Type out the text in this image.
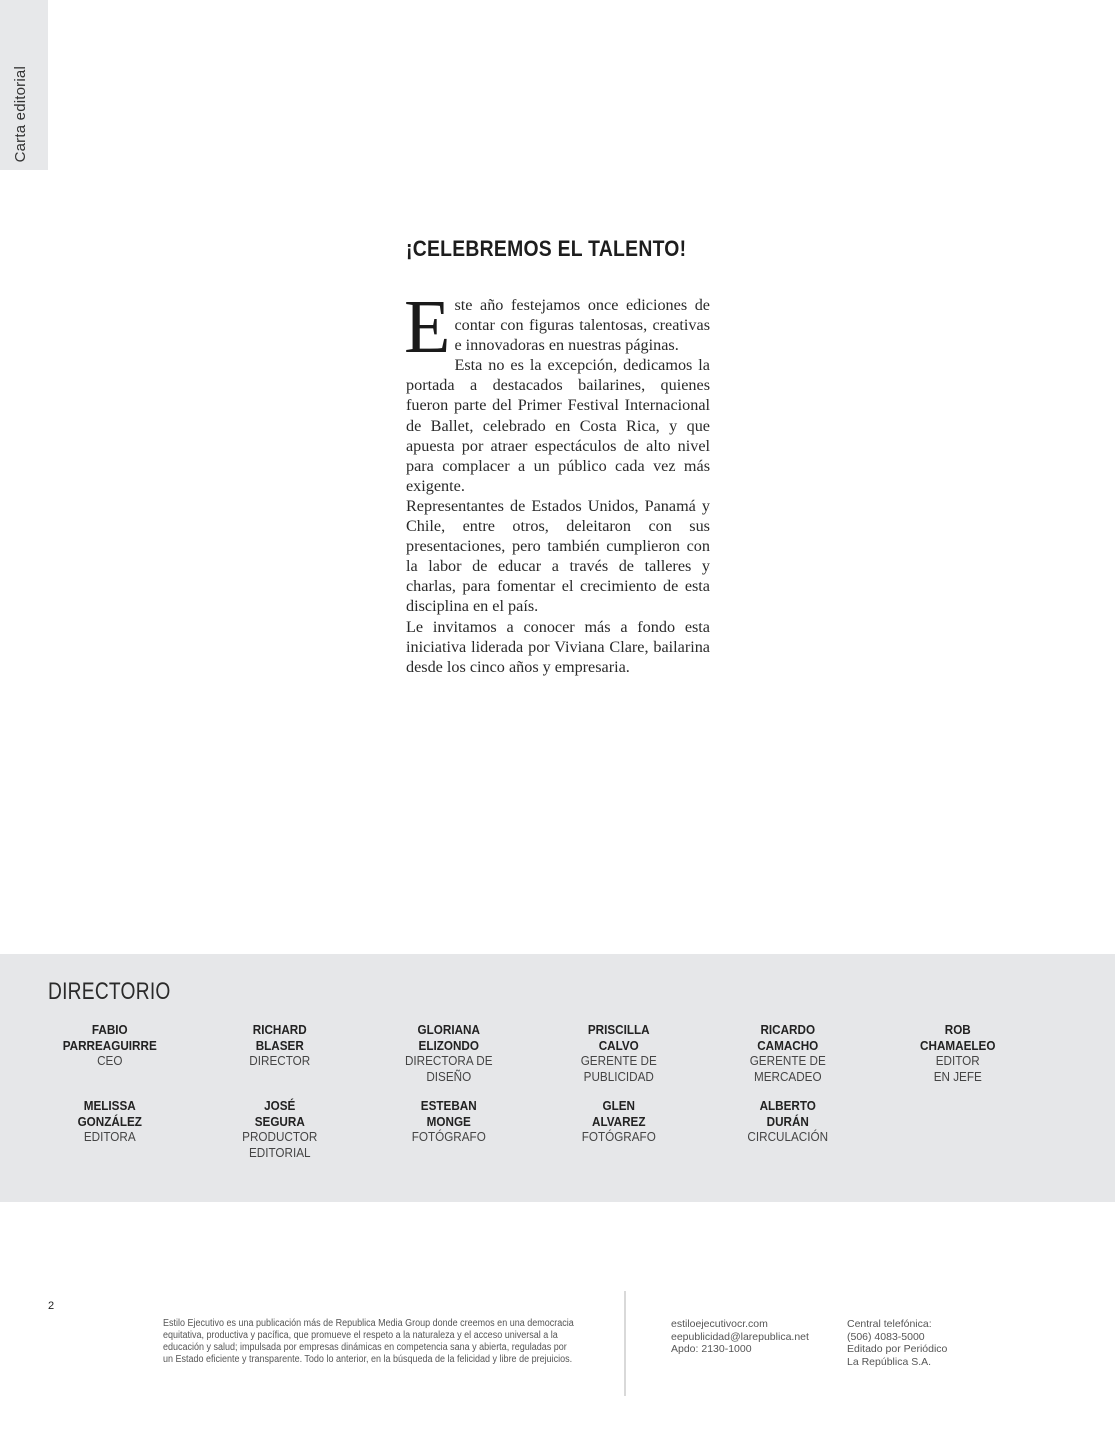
Carta editorial
¡CELEBREMOS EL TALENTO!

Este año festejamos once ediciones de contar con figuras talentosas, creativas e innovadoras en nuestras páginas.

Esta no es la excepción, dedicamos la portada a destacados bailarines, quienes fueron parte del Primer Festival Internacional de Ballet, celebrado en Costa Rica, y que apuesta por atraer espectáculos de alto nivel para complacer a un público cada vez más exigente.

Representantes de Estados Unidos, Panamá y Chile, entre otros, deleitaron con sus presentaciones, pero también cumplieron con la labor de educar a través de talleres y charlas, para fomentar el crecimiento de esta disciplina en el país.

Le invitamos a conocer más a fondo esta iniciativa liderada por Viviana Clare, bailarina desde los cinco años y empresaria.

DIRECTORIO
FABIO
PARREAGUIRRE
CEO
RICHARD
BLASER
DIRECTOR
GLORIANA
ELIZONDO
DIRECTORA DE
DISEÑO
PRISCILLA
CALVO
GERENTE DE
PUBLICIDAD
RICARDO
CAMACHO
GERENTE DE
MERCADEO
ROB
CHAMAELEO
EDITOR
EN JEFE
MELISSA
GONZÁLEZ
EDITORA
JOSÉ
SEGURA
PRODUCTOR
EDITORIAL
ESTEBAN
MONGE
FOTÓGRAFO
GLEN
ALVAREZ
FOTÓGRAFO
ALBERTO
DURÁN
CIRCULACIÓN
2

Estilo Ejecutivo es una publicación más de Republica Media Group donde creemos en una democracia equitativa, productiva y pacífica, que promueve el respeto a la naturaleza y el acceso universal a la educación y salud; impulsada por empresas dinámicas en competencia sana y abierta, reguladas por un Estado eficiente y transparente. Todo lo anterior, en la búsqueda de la felicidad y libre de prejuicios.

estiloejecutivocr.com
eepublicidad@larepublica.net
Apdo: 2130-1000
Central telefónica:
(506) 4083-5000
Editado por Periódico
La República S.A.
